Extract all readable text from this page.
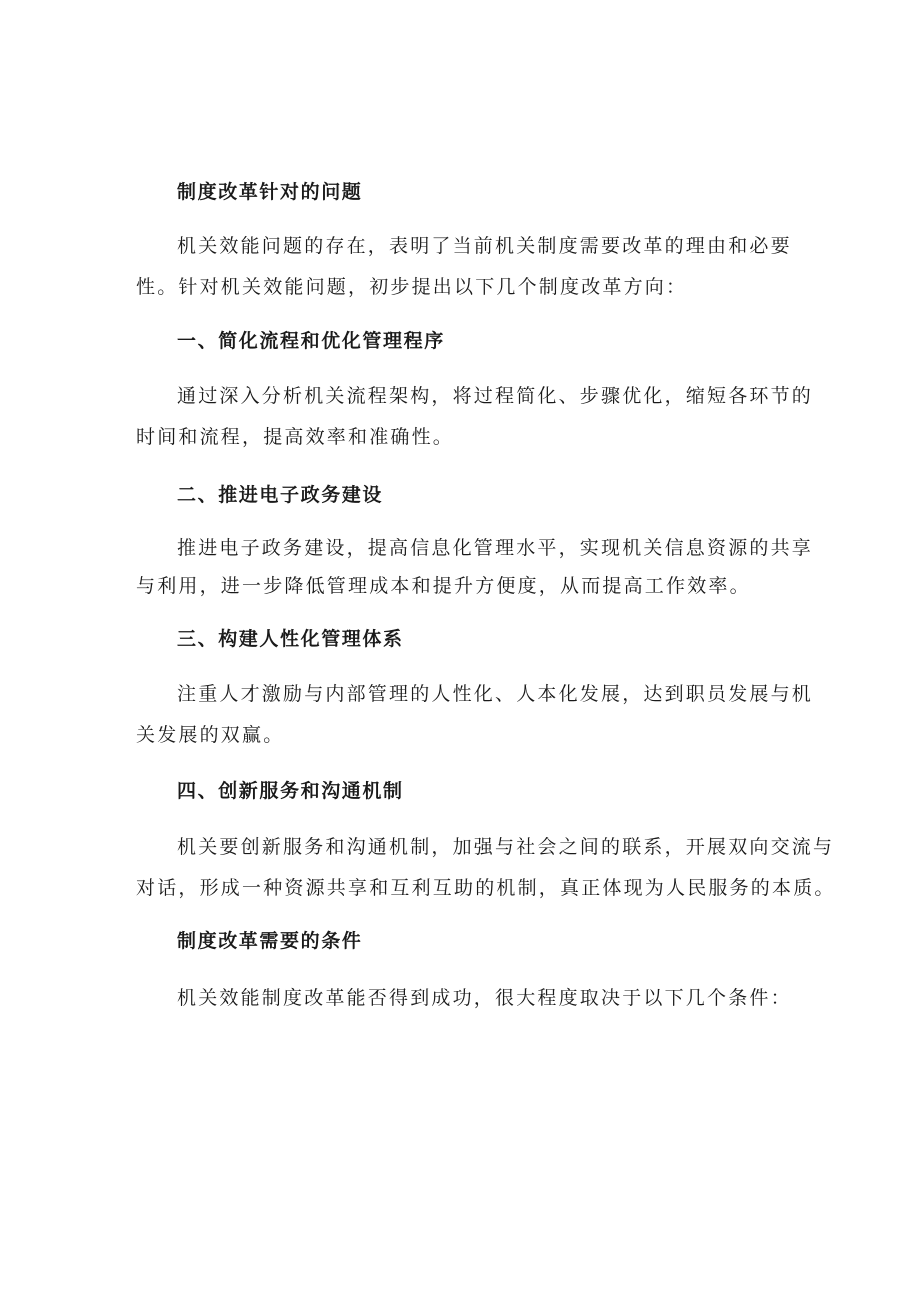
制度改革针对的问题
机关效能问题的存在，表明了当前机关制度需要改革的理由和必要
性。针对机关效能问题，初步提出以下几个制度改革方向：
一、简化流程和优化管理程序
通过深入分析机关流程架构，将过程简化、步骤优化，缩短各环节的
时间和流程，提高效率和准确性。
二、推进电子政务建设
推进电子政务建设，提高信息化管理水平，实现机关信息资源的共享
与利用，进一步降低管理成本和提升方便度，从而提高工作效率。
三、构建人性化管理体系
注重人才激励与内部管理的人性化、人本化发展，达到职员发展与机
关发展的双赢。
四、创新服务和沟通机制
机关要创新服务和沟通机制，加强与社会之间的联系，开展双向交流与
对话，形成一种资源共享和互利互助的机制，真正体现为人民服务的本质。
制度改革需要的条件
机关效能制度改革能否得到成功，很大程度取决于以下几个条件：
